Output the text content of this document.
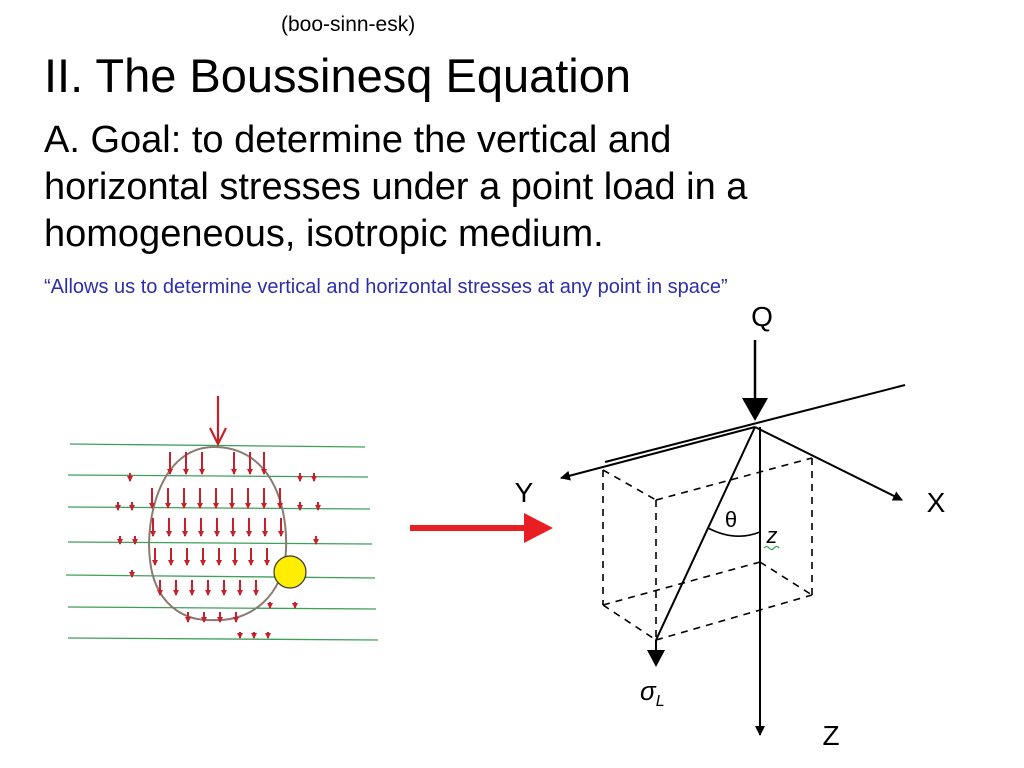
(boo-sinn-esk)
II. The Boussinesq Equation
A. Goal: to determine the vertical and
horizontal stresses under a point load in a
homogeneous, isotropic medium.
“Allows us to determine vertical and horizontal stresses at any point in space”
Q
Y	X
Z
z
θ
$\sigma_L$
